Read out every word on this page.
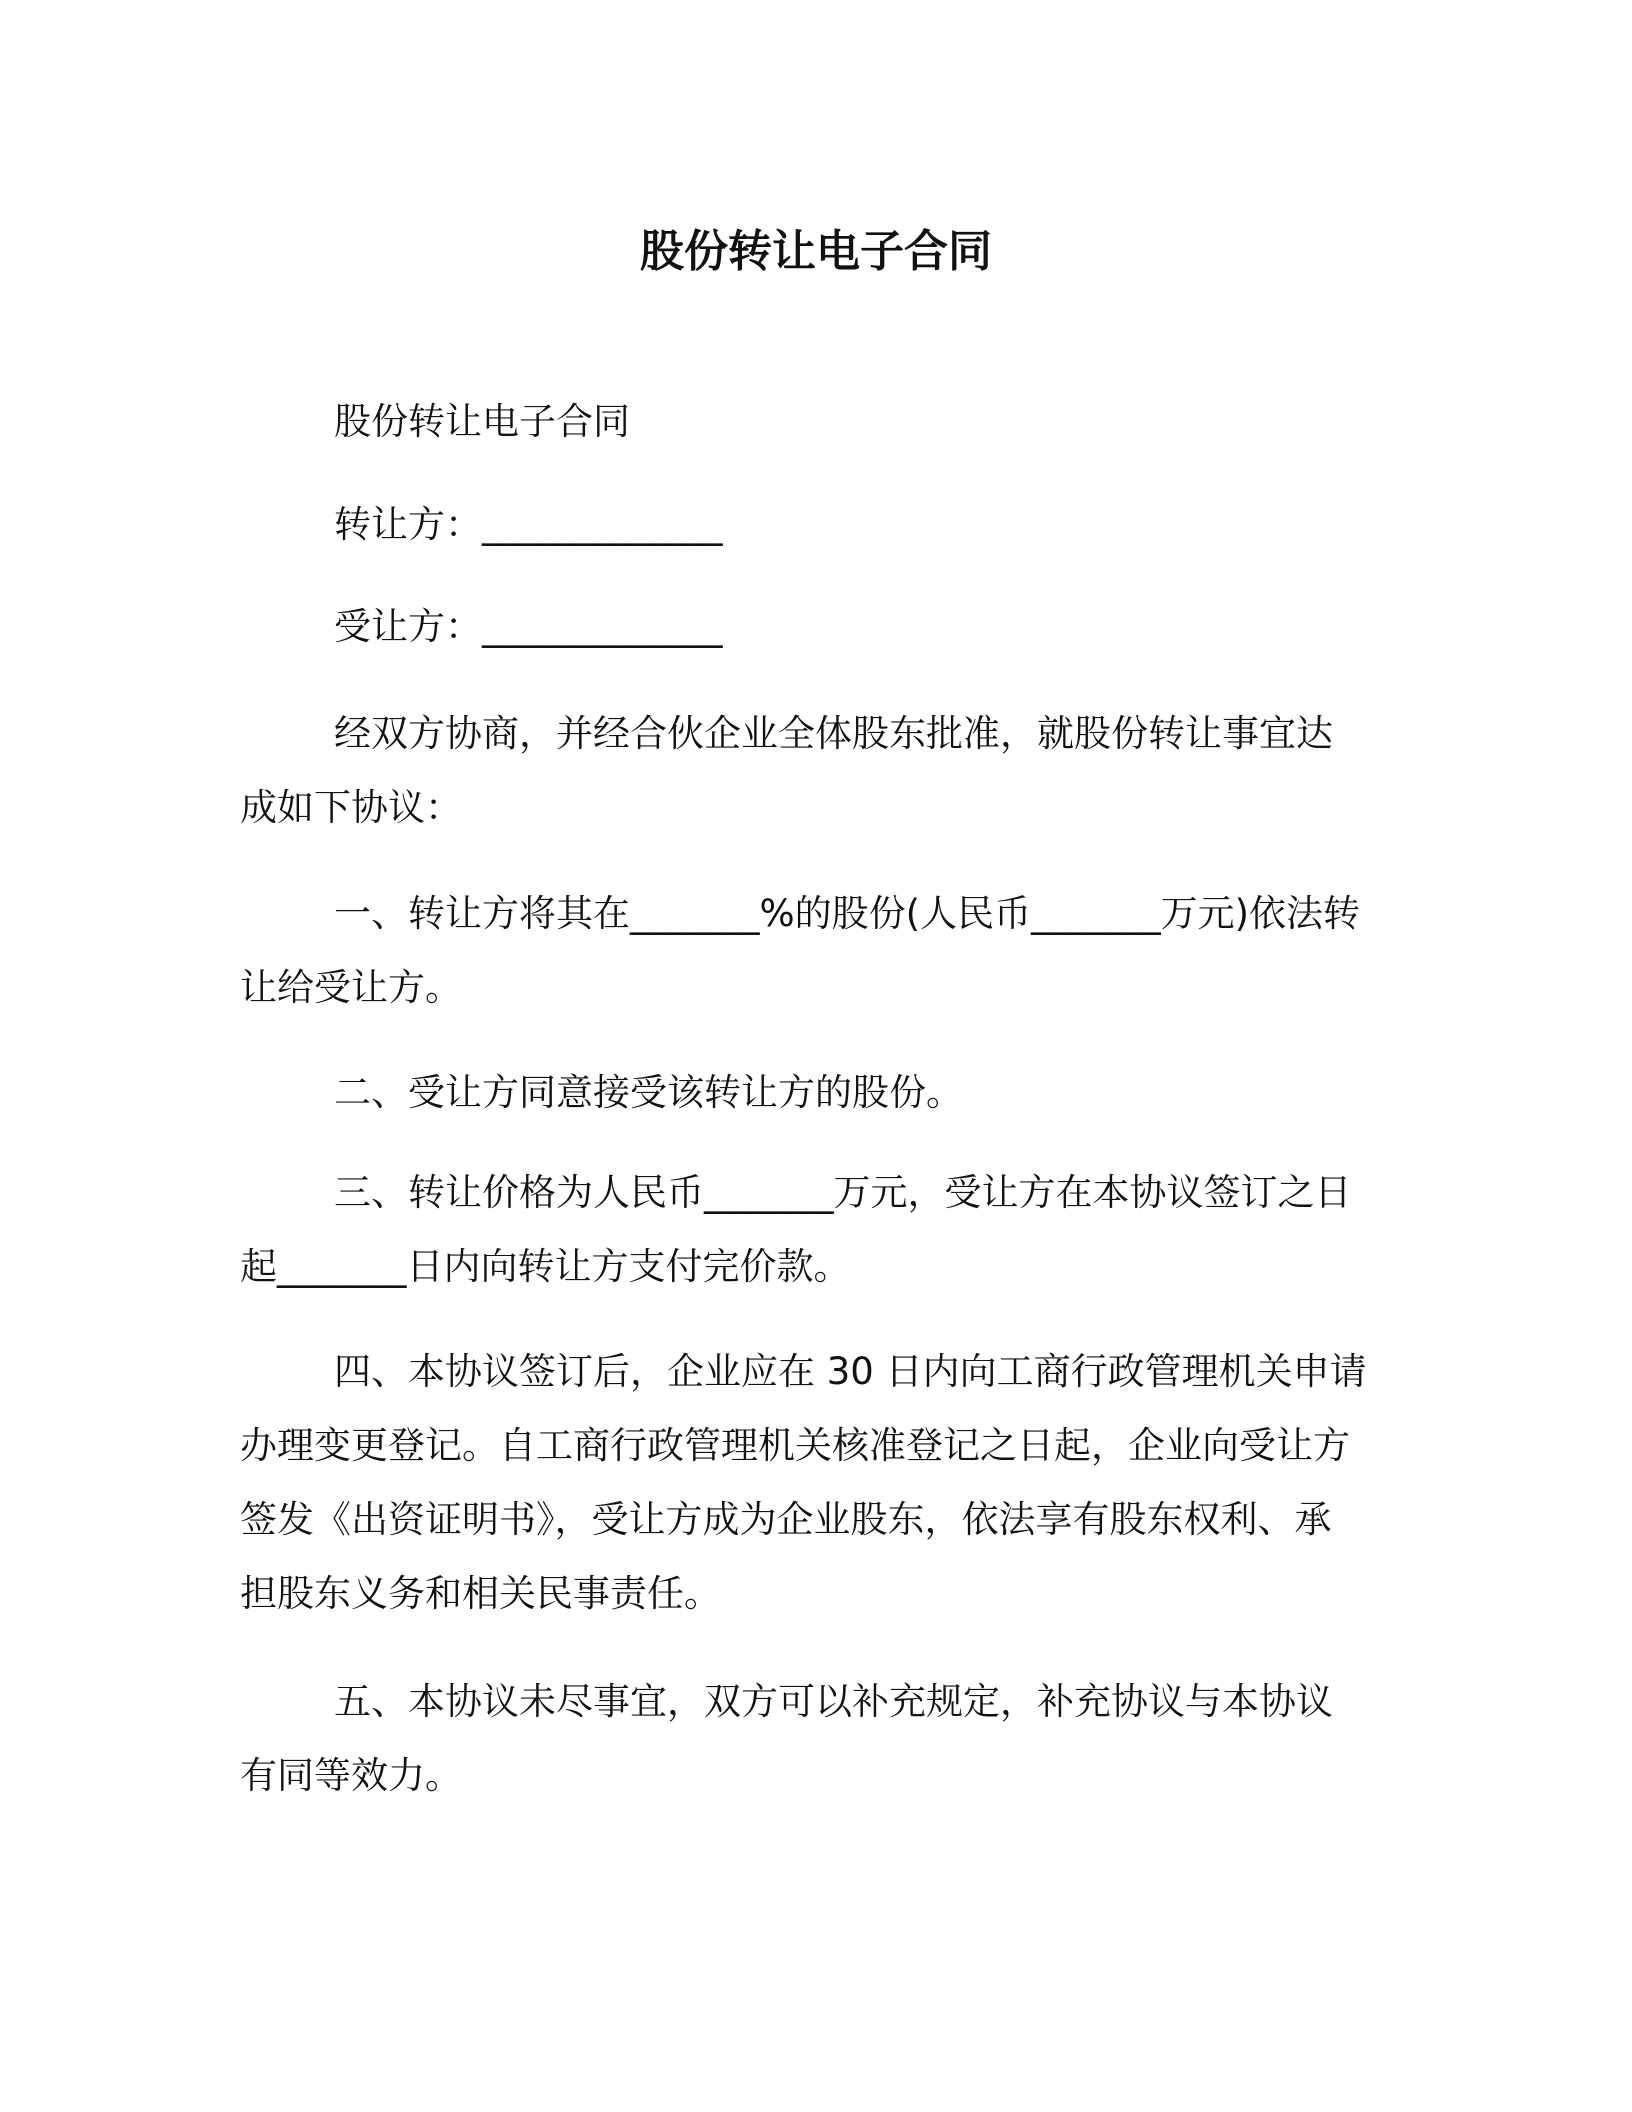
股份转让电子合同
股份转让电子合同
转让方：_____________
受让方：_____________
经双方协商，并经合伙企业全体股东批准，就股份转让事宜达成如下协议：
一、转让方将其在_______%的股份(人民币_______万元)依法转让给受让方。
二、受让方同意接受该转让方的股份。
三、转让价格为人民币_______万元，受让方在本协议签订之日起_______日内向转让方支付完价款。
四、本协议签订后，企业应在 30 日内向工商行政管理机关申请办理变更登记。自工商行政管理机关核准登记之日起，企业向受让方签发《出资证明书》，受让方成为企业股东，依法享有股东权利、承担股东义务和相关民事责任。
五、本协议未尽事宜，双方可以补充规定，补充协议与本协议有同等效力。
